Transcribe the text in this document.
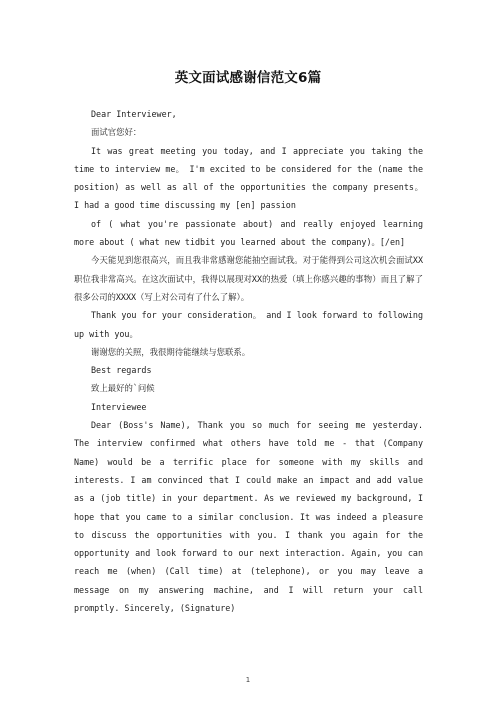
英文面试感谢信范文6篇

Dear Interviewer,

面试官您好：

It was great meeting you today, and I appreciate you taking the time to interview me。 I'm excited to be considered for the (name the position) as well as all of the opportunities the company presents。 I had a good time discussing my [en] passion

of ( what you're passionate about) and really enjoyed learning more about ( what new tidbit you learned about the company)。[/en]

今天能见到您很高兴，而且我非常感谢您能抽空面试我。对于能得到公司这次机会面试XX职位我非常高兴。在这次面试中，我得以展现对XX的热爱（填上你感兴趣的事物）而且了解了很多公司的XXXX（写上对公司有了什么了解）。

Thank you for your consideration。 and I look forward to following up with you。

谢谢您的关照，我很期待能继续与您联系。

Best regards

致上最好的`问候

Interviewee

Dear (Boss's Name), Thank you so much for seeing me yesterday. The interview confirmed what others have told me - that (Company Name) would be a terrific place for someone with my skills and interests. I am convinced that I could make an impact and add value as a (job title) in your department. As we reviewed my background, I hope that you came to a similar conclusion. It was indeed a pleasure to discuss the opportunities with you. I thank you again for the opportunity and look forward to our next interaction. Again, you can reach me (when) (Call time) at (telephone), or you may leave a message on my answering machine, and I will return your call promptly. Sincerely, (Signature)

1
